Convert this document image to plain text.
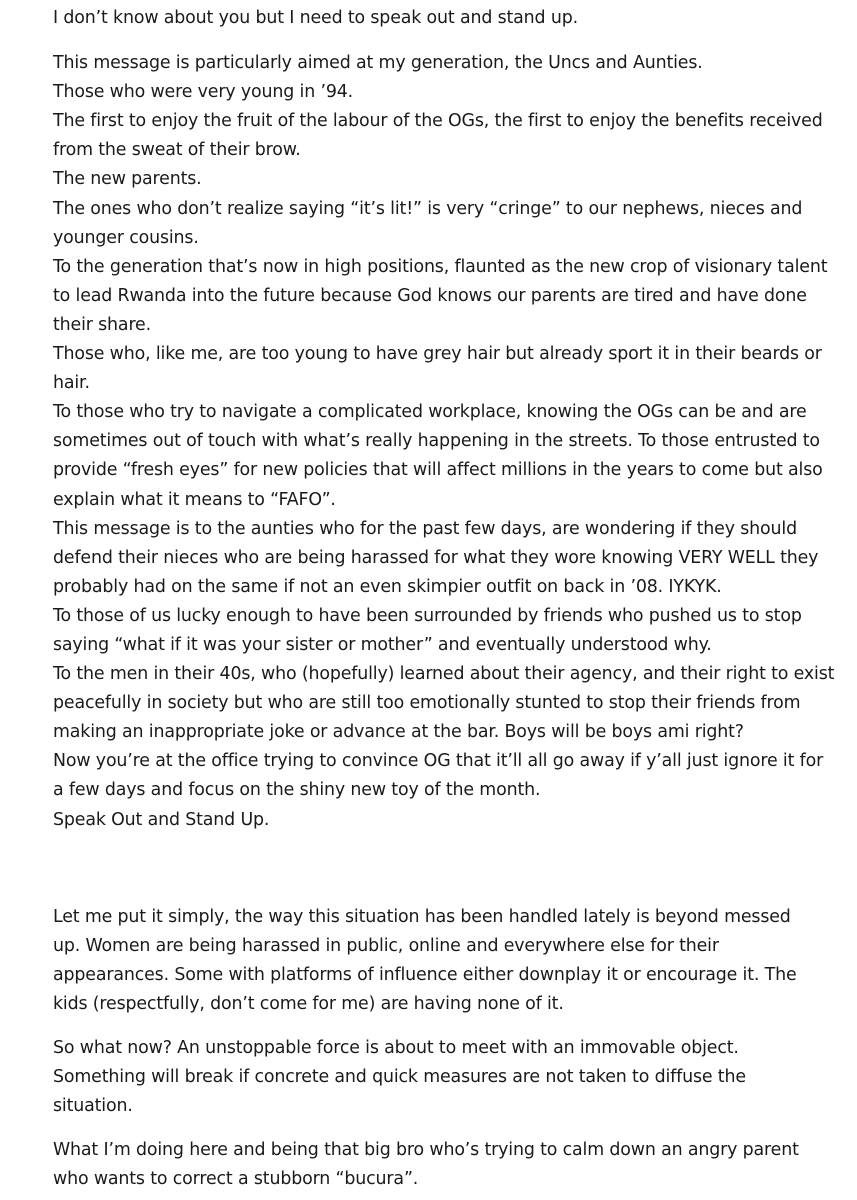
I don’t know about you but I need to speak out and stand up.

This message is particularly aimed at my generation, the Uncs and Aunties.
Those who were very young in ’94.
The first to enjoy the fruit of the labour of the OGs, the first to enjoy the benefits received
from the sweat of their brow.
The new parents.
The ones who don’t realize saying “it’s lit!” is very “cringe” to our nephews, nieces and
younger cousins.
To the generation that’s now in high positions, flaunted as the new crop of visionary talent
to lead Rwanda into the future because God knows our parents are tired and have done
their share.
Those who, like me, are too young to have grey hair but already sport it in their beards or
hair.
To those who try to navigate a complicated workplace, knowing the OGs can be and are
sometimes out of touch with what’s really happening in the streets. To those entrusted to
provide “fresh eyes” for new policies that will affect millions in the years to come but also
explain what it means to “FAFO”.
This message is to the aunties who for the past few days, are wondering if they should
defend their nieces who are being harassed for what they wore knowing VERY WELL they
probably had on the same if not an even skimpier outfit on back in ’08. IYKYK.
To those of us lucky enough to have been surrounded by friends who pushed us to stop
saying “what if it was your sister or mother” and eventually understood why.
To the men in their 40s, who (hopefully) learned about their agency, and their right to exist
peacefully in society but who are still too emotionally stunted to stop their friends from
making an inappropriate joke or advance at the bar. Boys will be boys ami right?
Now you’re at the office trying to convince OG that it’ll all go away if y’all just ignore it for
a few days and focus on the shiny new toy of the month.
Speak Out and Stand Up.

Let me put it simply, the way this situation has been handled lately is beyond messed
up. Women are being harassed in public, online and everywhere else for their
appearances. Some with platforms of influence either downplay it or encourage it. The
kids (respectfully, don’t come for me) are having none of it.

So what now? An unstoppable force is about to meet with an immovable object.
Something will break if concrete and quick measures are not taken to diffuse the
situation.

What I’m doing here and being that big bro who’s trying to calm down an angry parent
who wants to correct a stubborn “bucura”.
